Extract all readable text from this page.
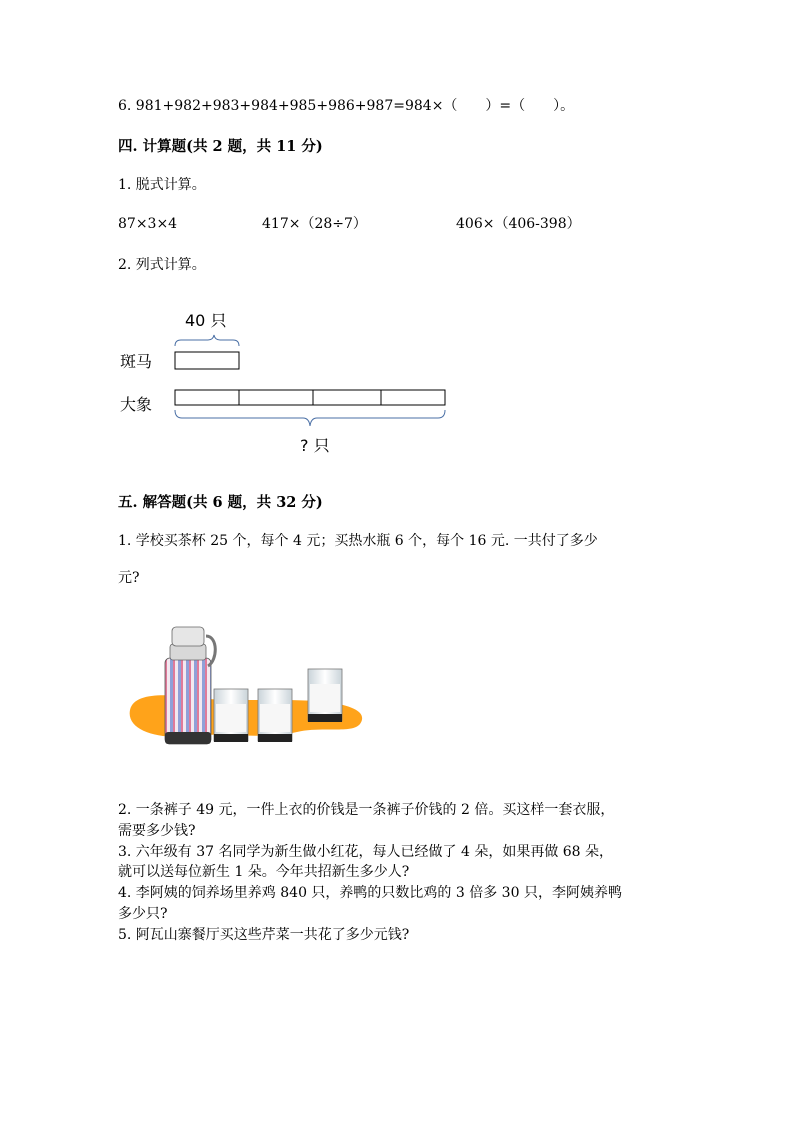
6. 981+982+983+984+985+986+987=984×（　　）=（　　）。
四. 计算题(共 2 题，共 11 分)
1. 脱式计算。
87×3×4	417×（28÷7）	406×（406-398）
2. 列式计算。
40 只
斑马
大象
? 只
五. 解答题(共 6 题，共 32 分)
1. 学校买茶杯 25 个，每个 4 元；买热水瓶 6 个，每个 16 元. 一共付了多少
元?
2. 一条裤子 49 元，一件上衣的价钱是一条裤子价钱的 2 倍。买这样一套衣服，
需要多少钱?
3. 六年级有 37 名同学为新生做小红花，每人已经做了 4 朵，如果再做 68 朵，
就可以送每位新生 1 朵。今年共招新生多少人?
4. 李阿姨的饲养场里养鸡 840 只，养鸭的只数比鸡的 3 倍多 30 只，李阿姨养鸭
多少只?
5. 阿瓦山寨餐厅买这些芹菜一共花了多少元钱?
